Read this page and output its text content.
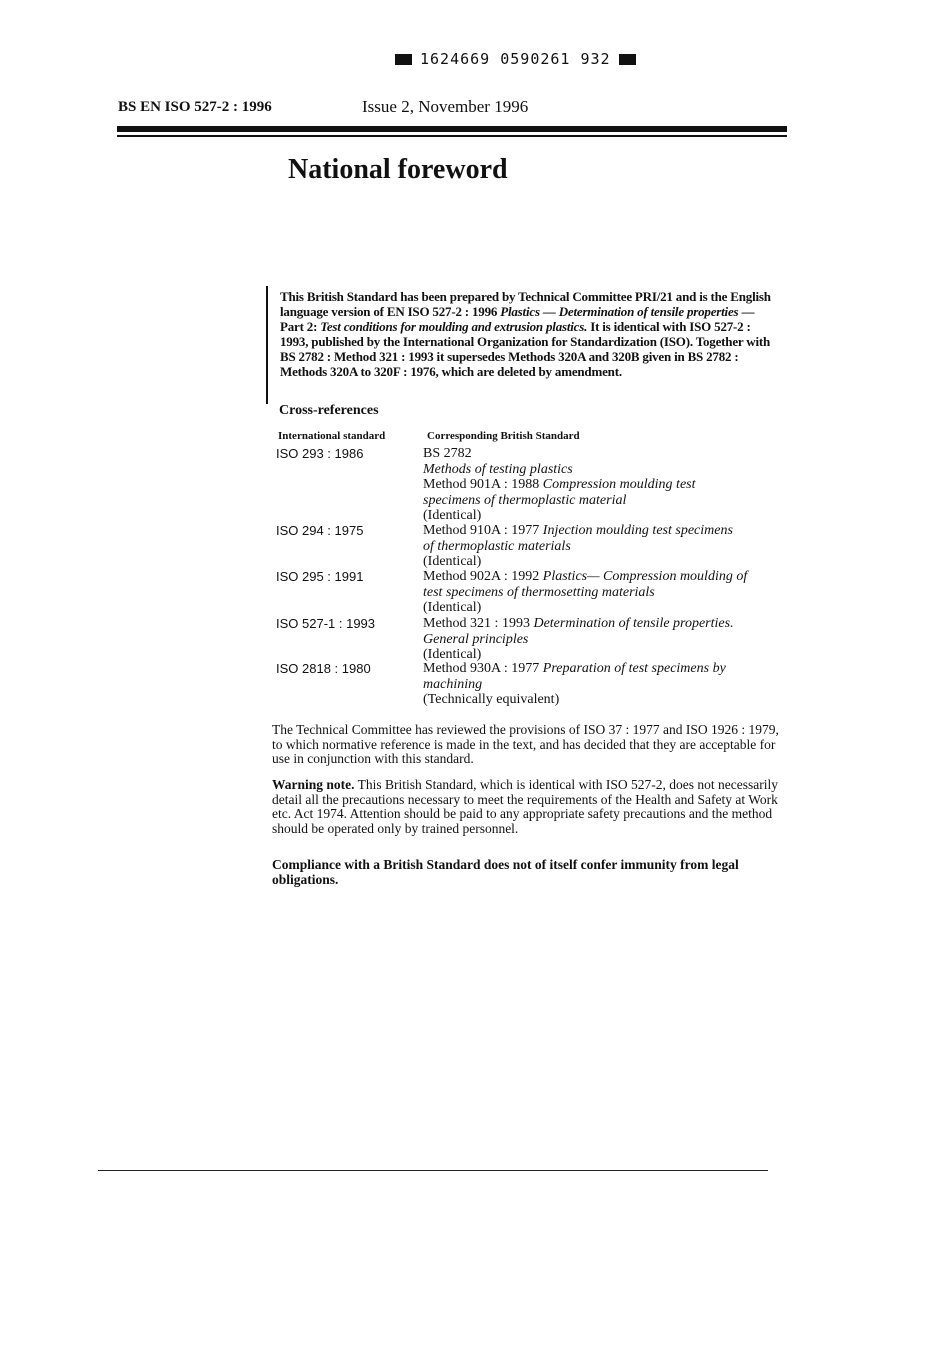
1624669 0590261 932
BS EN ISO 527-2 : 1996	Issue 2, November 1996
National foreword
This British Standard has been prepared by Technical Committee PRI/21 and is the English language version of EN ISO 527-2 : 1996 Plastics — Determination of tensile properties — Part 2: Test conditions for moulding and extrusion plastics. It is identical with ISO 527-2 : 1993, published by the International Organization for Standardization (ISO). Together with BS 2782 : Method 321 : 1993 it supersedes Methods 320A and 320B given in BS 2782 : Methods 320A to 320F : 1976, which are deleted by amendment.
Cross-references
International standard	Corresponding British Standard
ISO 293 : 1986	BS 2782
Methods of testing plastics
Method 901A : 1988 Compression moulding test
specimens of thermoplastic material
(Identical)
ISO 294 : 1975	Method 910A : 1977 Injection moulding test specimens
of thermoplastic materials
(Identical)
ISO 295 : 1991	Method 902A : 1992 Plastics— Compression moulding of
test specimens of thermosetting materials
(Identical)
ISO 527-1 : 1993	Method 321 : 1993 Determination of tensile properties.
General principles
(Identical)
ISO 2818 : 1980	Method 930A : 1977 Preparation of test specimens by
machining
(Technically equivalent)
The Technical Committee has reviewed the provisions of ISO 37 : 1977 and ISO 1926 : 1979, to which normative reference is made in the text, and has decided that they are acceptable for use in conjunction with this standard.
Warning note. This British Standard, which is identical with ISO 527-2, does not necessarily detail all the precautions necessary to meet the requirements of the Health and Safety at Work etc. Act 1974. Attention should be paid to any appropriate safety precautions and the method should be operated only by trained personnel.
Compliance with a British Standard does not of itself confer immunity from legal obligations.
